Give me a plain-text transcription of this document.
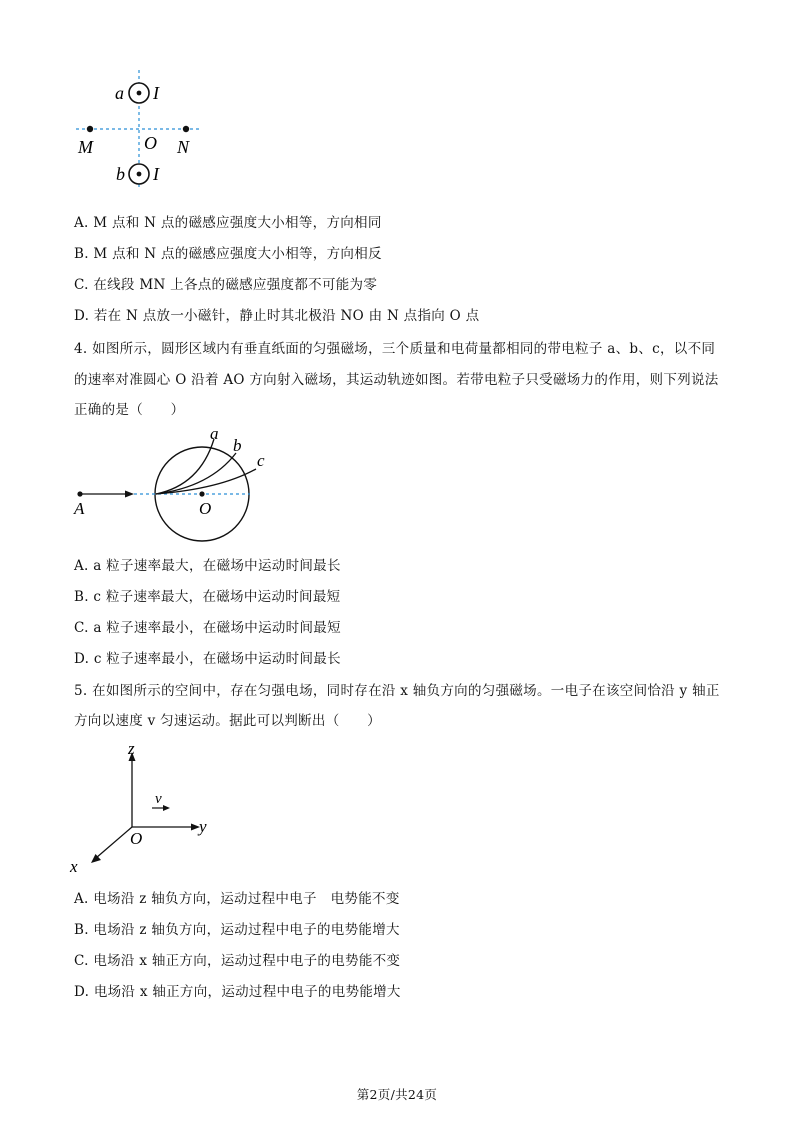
a I
b I
M	O N
A. M 点和 N 点的磁感应强度大小相等，方向相同
B. M 点和 N 点的磁感应强度大小相等，方向相反
C. 在线段 MN 上各点的磁感应强度都不可能为零
D. 若在 N 点放一小磁针，静止时其北极沿 NO 由 N 点指向 O 点
4. 如图所示，圆形区域内有垂直纸面的匀强磁场，三个质量和电荷量都相同的带电粒子 a、b、c，以不同
的速率对准圆心 O 沿着 AO 方向射入磁场，其运动轨迹如图。若带电粒子只受磁场力的作用，则下列说法
正确的是（　　）
a
b
c
A	O
A. a 粒子速率最大，在磁场中运动时间最长
B. c 粒子速率最大，在磁场中运动时间最短
C. a 粒子速率最小，在磁场中运动时间最短
D. c 粒子速率最小，在磁场中运动时间最长
5. 在如图所示的空间中，存在匀强电场，同时存在沿 x 轴负方向的匀强磁场。一电子在该空间恰沿 y 轴正
方向以速度 v 匀速运动。据此可以判断出（　　）
z
y
x
O
v
A. 电场沿 z 轴负方向，运动过程中电子　电势能不变
B. 电场沿 z 轴负方向，运动过程中电子的电势能增大
C. 电场沿 x 轴正方向，运动过程中电子的电势能不变
D. 电场沿 x 轴正方向，运动过程中电子的电势能增大
第2页/共24页
